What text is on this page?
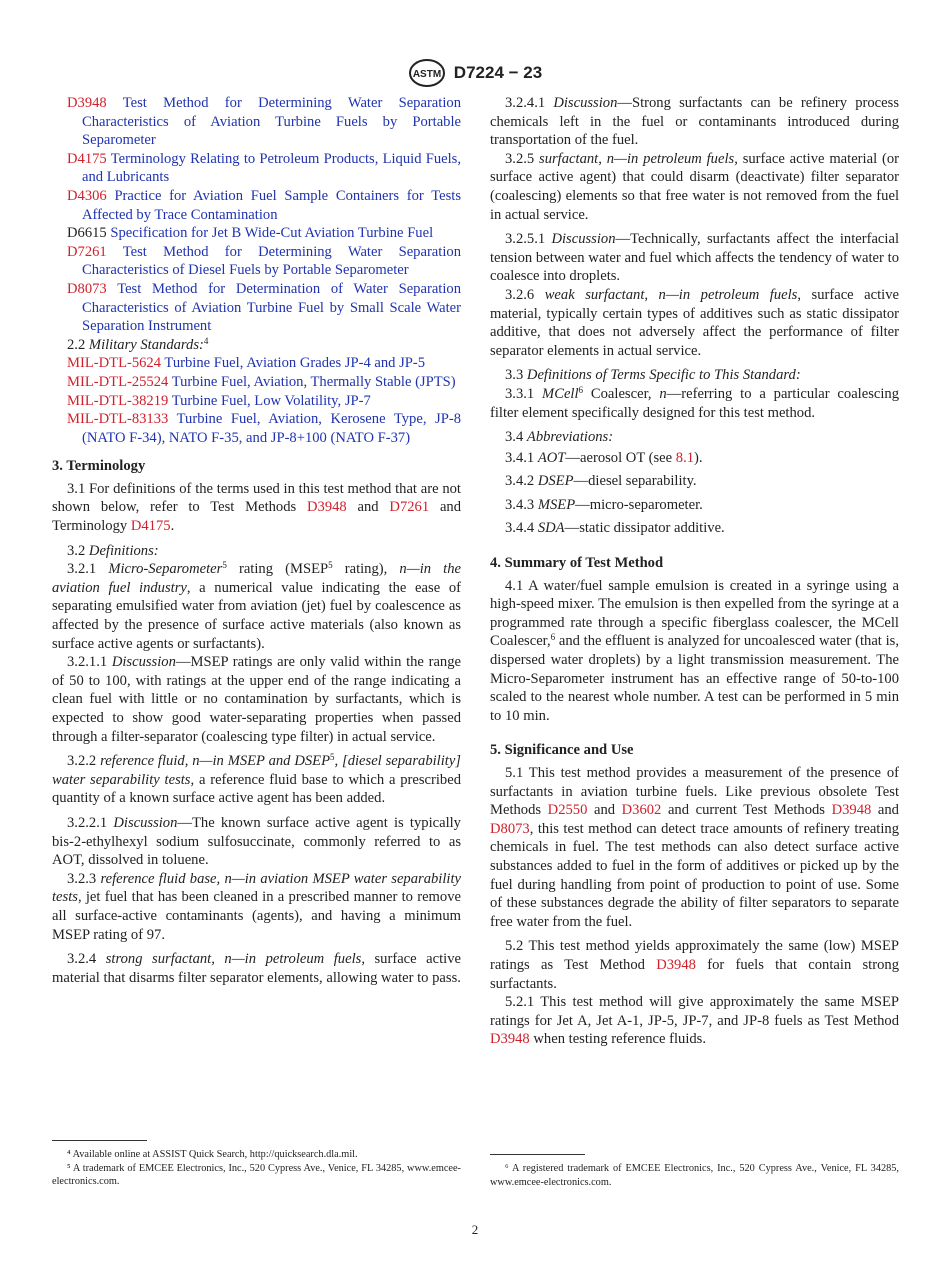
ASTM D7224 − 23

D3948 Test Method for Determining Water Separation Characteristics of Aviation Turbine Fuels by Portable Separometer

D4175 Terminology Relating to Petroleum Products, Liquid Fuels, and Lubricants

D4306 Practice for Aviation Fuel Sample Containers for Tests Affected by Trace Contamination

D6615 Specification for Jet B Wide-Cut Aviation Turbine Fuel

D7261 Test Method for Determining Water Separation Characteristics of Diesel Fuels by Portable Separometer

D8073 Test Method for Determination of Water Separation Characteristics of Aviation Turbine Fuel by Small Scale Water Separation Instrument

2.2 Military Standards:$^4$

MIL-DTL-5624 Turbine Fuel, Aviation Grades JP-4 and JP-5

MIL-DTL-25524 Turbine Fuel, Aviation, Thermally Stable (JPTS)

MIL-DTL-38219 Turbine Fuel, Low Volatility, JP-7

MIL-DTL-83133 Turbine Fuel, Aviation, Kerosene Type, JP-8 (NATO F-34), NATO F-35, and JP-8+100 (NATO F-37)

3. Terminology

3.1 For definitions of the terms used in this test method that are not shown below, refer to Test Methods D3948 and D7261 and Terminology D4175.

3.2 Definitions:

3.2.1 Micro-Separometer$^5$ rating (MSEP$^5$ rating), n—in the aviation fuel industry, a numerical value indicating the ease of separating emulsified water from aviation (jet) fuel by coalescence as affected by the presence of surface active materials (also known as surface active agents or surfactants).

3.2.1.1 Discussion—MSEP ratings are only valid within the range of 50 to 100, with ratings at the upper end of the range indicating a clean fuel with little or no contamination by surfactants, which is expected to show good water-separating properties when passed through a filter-separator (coalescing type filter) in actual service.

3.2.2 reference fluid, n—in MSEP and DSEP$^5$, [diesel separability] water separability tests, a reference fluid base to which a prescribed quantity of a known surface active agent has been added.

3.2.2.1 Discussion—The known surface active agent is typically bis-2-ethylhexyl sodium sulfosuccinate, commonly referred to as AOT, dissolved in toluene.

3.2.3 reference fluid base, n—in aviation MSEP water separability tests, jet fuel that has been cleaned in a prescribed manner to remove all surface-active contaminants (agents), and having a minimum MSEP rating of 97.

3.2.4 strong surfactant, n—in petroleum fuels, surface active material that disarms filter separator elements, allowing water to pass.

⁴ Available online at ASSIST Quick Search, http://quicksearch.dla.mil.

⁵ A trademark of EMCEE Electronics, Inc., 520 Cypress Ave., Venice, FL 34285, www.emcee-electronics.com.

3.2.4.1 Discussion—Strong surfactants can be refinery process chemicals left in the fuel or contaminants introduced during transportation of the fuel.

3.2.5 surfactant, n—in petroleum fuels, surface active material (or surface active agent) that could disarm (deactivate) filter separator (coalescing) elements so that free water is not removed from the fuel in actual service.

3.2.5.1 Discussion—Technically, surfactants affect the interfacial tension between water and fuel which affects the tendency of water to coalesce into droplets.

3.2.6 weak surfactant, n—in petroleum fuels, surface active material, typically certain types of additives such as static dissipator additive, that does not adversely affect the performance of filter separator elements in actual service.

3.3 Definitions of Terms Specific to This Standard:

3.3.1 MCell$^6$ Coalescer, n—referring to a particular coalescing filter element specifically designed for this test method.

3.4 Abbreviations:

3.4.1 AOT—aerosol OT (see 8.1).

3.4.2 DSEP—diesel separability.

3.4.3 MSEP—micro-separometer.

3.4.4 SDA—static dissipator additive.

4. Summary of Test Method

4.1 A water/fuel sample emulsion is created in a syringe using a high-speed mixer. The emulsion is then expelled from the syringe at a programmed rate through a specific fiberglass coalescer, the MCell Coalescer,$^6$ and the effluent is analyzed for uncoalesced water (that is, dispersed water droplets) by a light transmission measurement. The Micro-Separometer instrument has an effective range of 50-to-100 scaled to the nearest whole number. A test can be performed in 5 min to 10 min.

5. Significance and Use

5.1 This test method provides a measurement of the presence of surfactants in aviation turbine fuels. Like previous obsolete Test Methods D2550 and D3602 and current Test Methods D3948 and D8073, this test method can detect trace amounts of refinery treating chemicals in fuel. The test methods can also detect surface active substances added to fuel in the form of additives or picked up by the fuel during handling from point of production to point of use. Some of these substances degrade the ability of filter separators to separate free water from the fuel.

5.2 This test method yields approximately the same (low) MSEP ratings as Test Method D3948 for fuels that contain strong surfactants.

5.2.1 This test method will give approximately the same MSEP ratings for Jet A, Jet A-1, JP-5, JP-7, and JP-8 fuels as Test Method D3948 when testing reference fluids.

⁶ A registered trademark of EMCEE Electronics, Inc., 520 Cypress Ave., Venice, FL 34285, www.emcee-electronics.com.

2
